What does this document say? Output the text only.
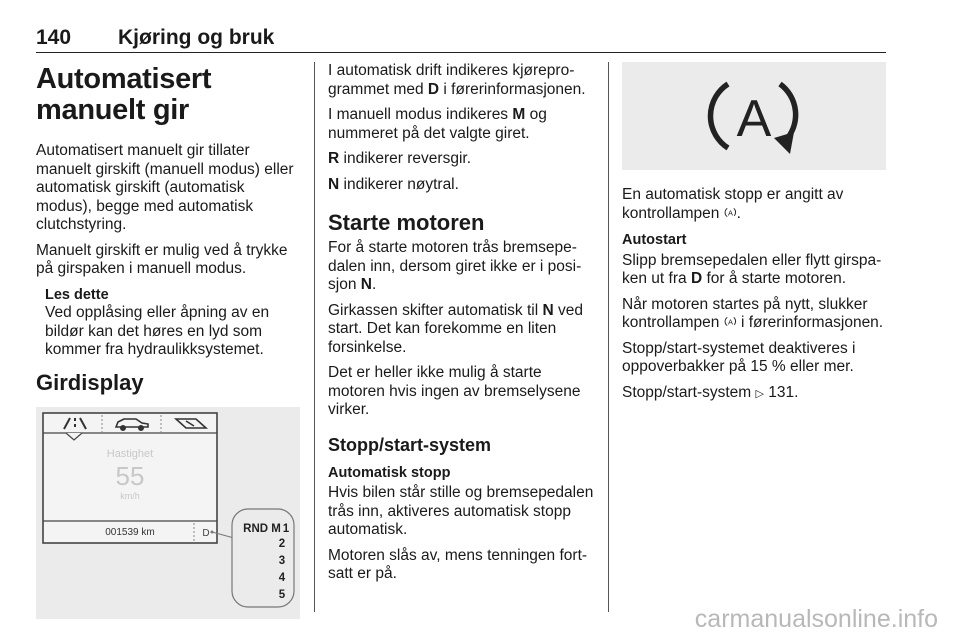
140 Kjøring og bruk
Automatisert manuelt gir

Automatisert manuelt gir tillater manuelt girskift (manuell modus) eller automatisk girskift (automatisk modus), begge med automatisk clutchstyring.

Manuelt girskift er mulig ved å trykke på girspaken i manuell modus.

Les dette
Ved opplåsing eller åpning av en bildør kan det høres en lyd som kommer fra hydraulikksystemet.
Girdisplay
Hastighet
55
km/h
001539 km	D	RND M 1
2
3
4
5

I automatisk drift indikeres kjøreprogrammet med D i førerinformasjonen.

I manuell modus indikeres M og nummeret på det valgte giret.

R indikerer reversgir.

N indikerer nøytral.

Starte motoren

For å starte motoren trås bremsepedalen inn, dersom giret ikke er i posisjon N.

Girkassen skifter automatisk til N ved start. Det kan forekomme en liten forsinkelse.

Det er heller ikke mulig å starte motoren hvis ingen av bremselysene virker.

Stopp/start-system
Automatisk stopp

Hvis bilen står stille og bremsepedalen trås inn, aktiveres automatisk stopp automatisk.

Motoren slås av, mens tenningen fortsatt er på.

A

En automatisk stopp er angitt av kontrollampen A .

Autostart

Slipp bremsepedalen eller flytt girspaken ut fra D for å starte motoren.

Når motoren startes på nytt, slukker kontrollampen A i førerinformasjonen.

Stopp/start-systemet deaktiveres i oppoverbakker på 15 % eller mer.

Stopp/start-system ▷ 131.

carmanualsonline.info
